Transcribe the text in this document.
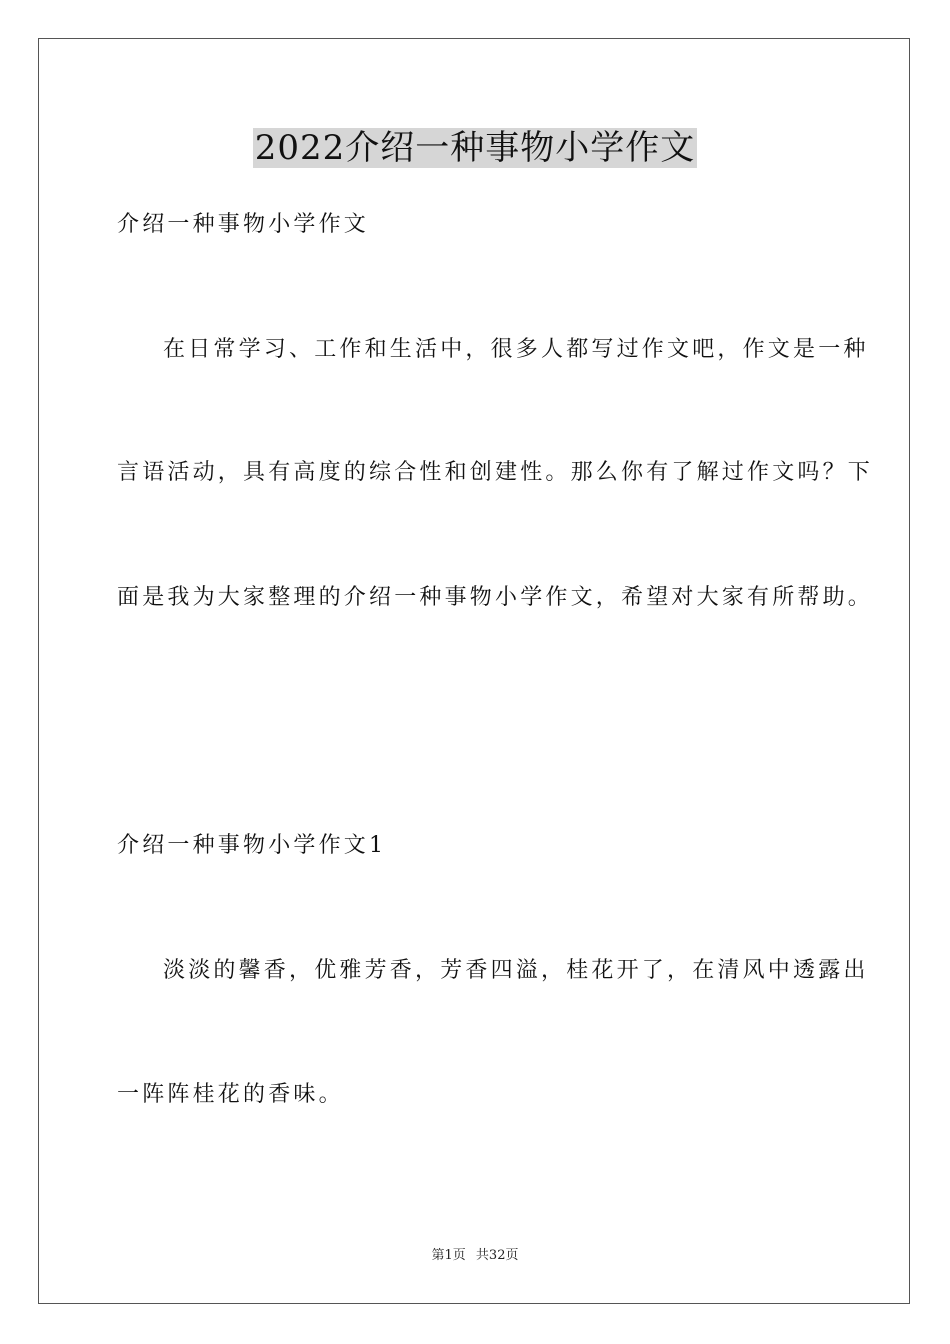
2022介绍一种事物小学作文
介绍一种事物小学作文
在日常学习、工作和生活中，很多人都写过作文吧，作文是一种
言语活动，具有高度的综合性和创建性。那么你有了解过作文吗？下
面是我为大家整理的介绍一种事物小学作文，希望对大家有所帮助。
介绍一种事物小学作文1
淡淡的馨香，优雅芳香，芳香四溢，桂花开了，在清风中透露出
一阵阵桂花的香味。
第1页 共32页
